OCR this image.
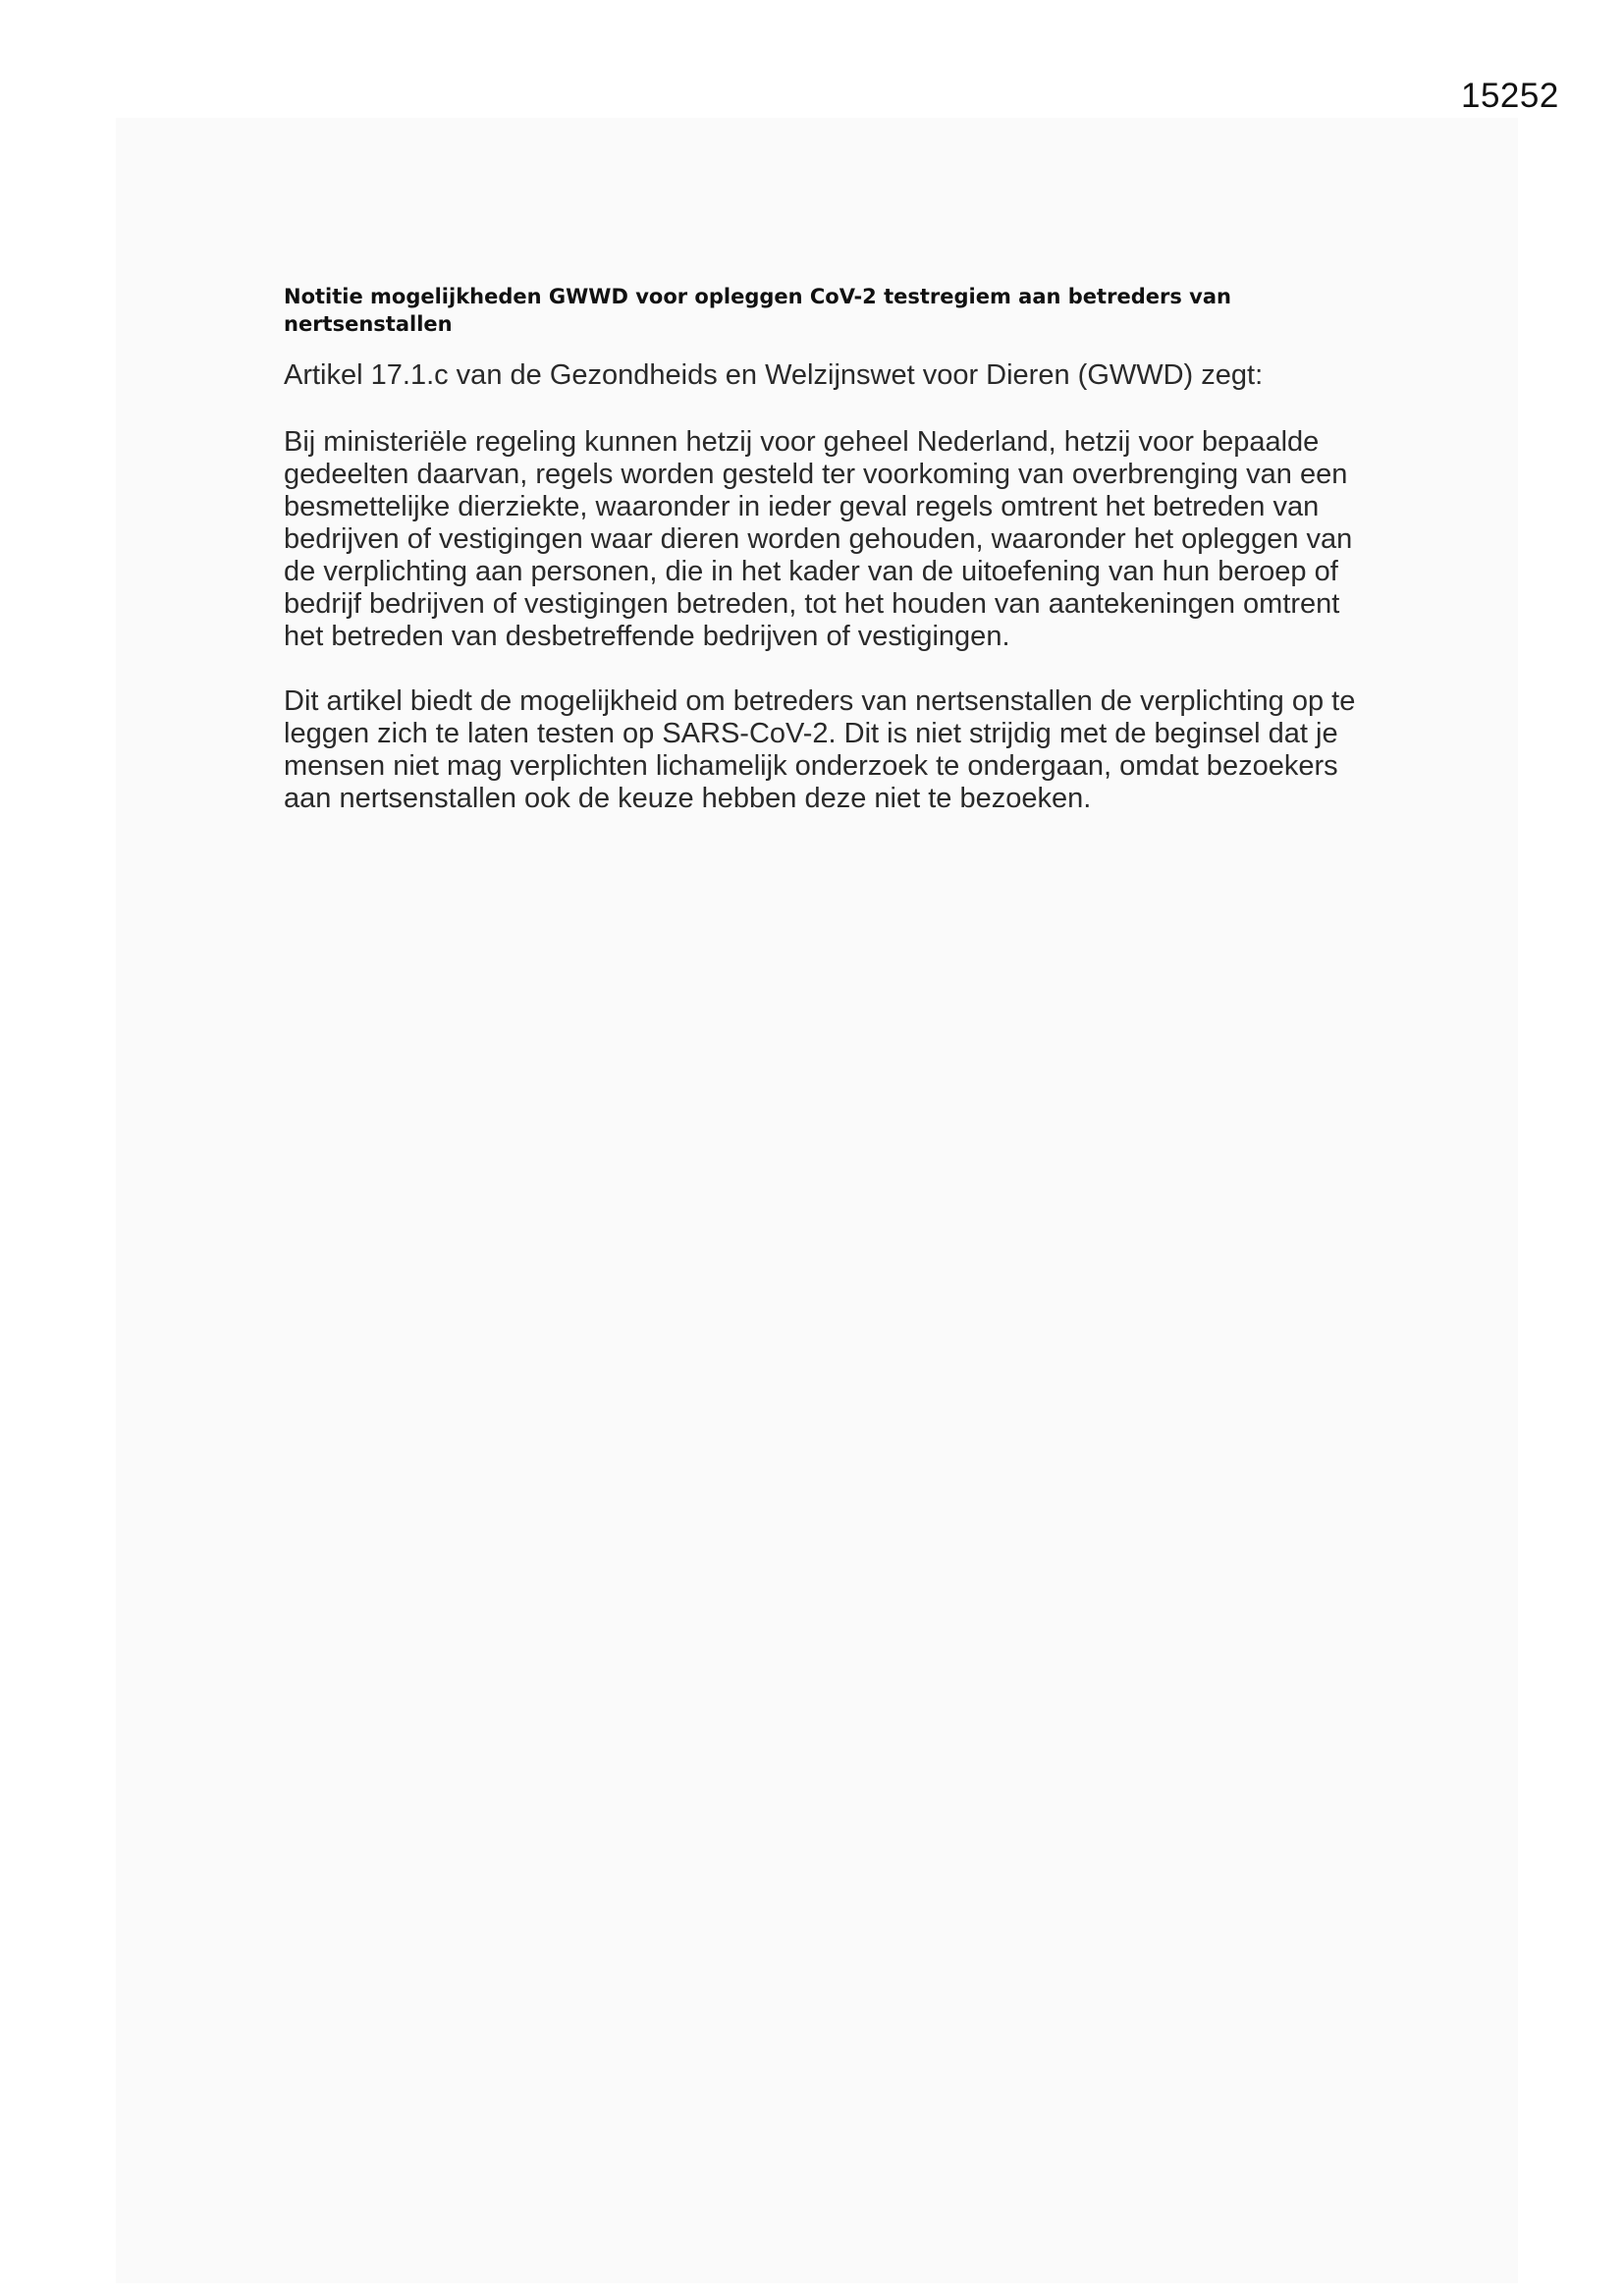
15252

Notitie mogelijkheden GWWD voor opleggen CoV-2 testregiem aan betreders van nertsenstallen

Artikel 17.1.c van de Gezondheids en Welzijnswet voor Dieren (GWWD) zegt:

Bij ministeriële regeling kunnen hetzij voor geheel Nederland, hetzij voor bepaalde gedeelten daarvan, regels worden gesteld ter voorkoming van overbrenging van een besmettelijke dierziekte, waaronder in ieder geval regels omtrent het betreden van bedrijven of vestigingen waar dieren worden gehouden, waaronder het opleggen van de verplichting aan personen, die in het kader van de uitoefening van hun beroep of bedrijf bedrijven of vestigingen betreden, tot het houden van aantekeningen omtrent het betreden van desbetreffende bedrijven of vestigingen.

Dit artikel biedt de mogelijkheid om betreders van nertsenstallen de verplichting op te leggen zich te laten testen op SARS-CoV-2. Dit is niet strijdig met de beginsel dat je mensen niet mag verplichten lichamelijk onderzoek te ondergaan, omdat bezoekers aan nertsenstallen ook de keuze hebben deze niet te bezoeken.
